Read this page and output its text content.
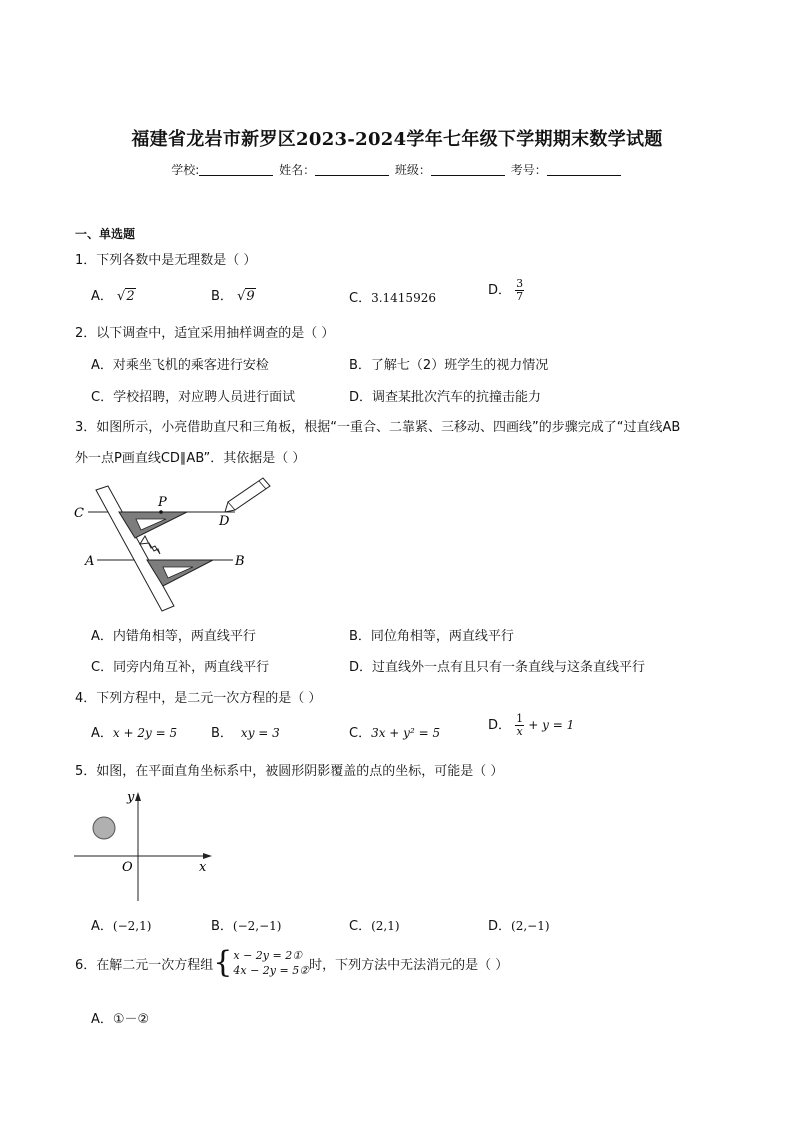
福建省龙岩市新罗区2023-2024学年七年级下学期期末数学试题
学校:	姓名：	班级：	考号：
一、单选题
1．下列各数中是无理数是（ ）
A． √2	B． √9	C．3.1415926	D． $\frac{3}{7}$
2．以下调查中，适宜采用抽样调查的是（ ）
A．对乘坐飞机的乘客进行安检	B．了解七（2）班学生的视力情况
C．学校招聘，对应聘人员进行面试	D．调查某批次汽车的抗撞击能力
3．如图所示，小亮借助直尺和三角板，根据“一重合、二靠紧、三移动、四画线”的步骤完成了“过直线AB
外一点P画直线CD∥AB”．其依据是（ ）
C
P
D
A	B
A．内错角相等，两直线平行	B．同位角相等，两直线平行
C．同旁内角互补，两直线平行	D．过直线外一点有且只有一条直线与这条直线平行
4．下列方程中，是二元一次方程的是（ ）
A．x + 2y = 5	B． xy = 3	C．3x + y² = 5	D． $\frac{1}{x} + y = 1$
5．如图，在平面直角坐标系中，被圆形阴影覆盖的点的坐标，可能是（ ）
y
x
O
A．(−2,1)	B．(−2,−1)	C．(2,1)	D．(2,−1)
6．在解二元一次方程组 { x − 2y = 2①
4x − 2y = 5② 时，下列方法中无法消元的是（ ）
A．①－②
